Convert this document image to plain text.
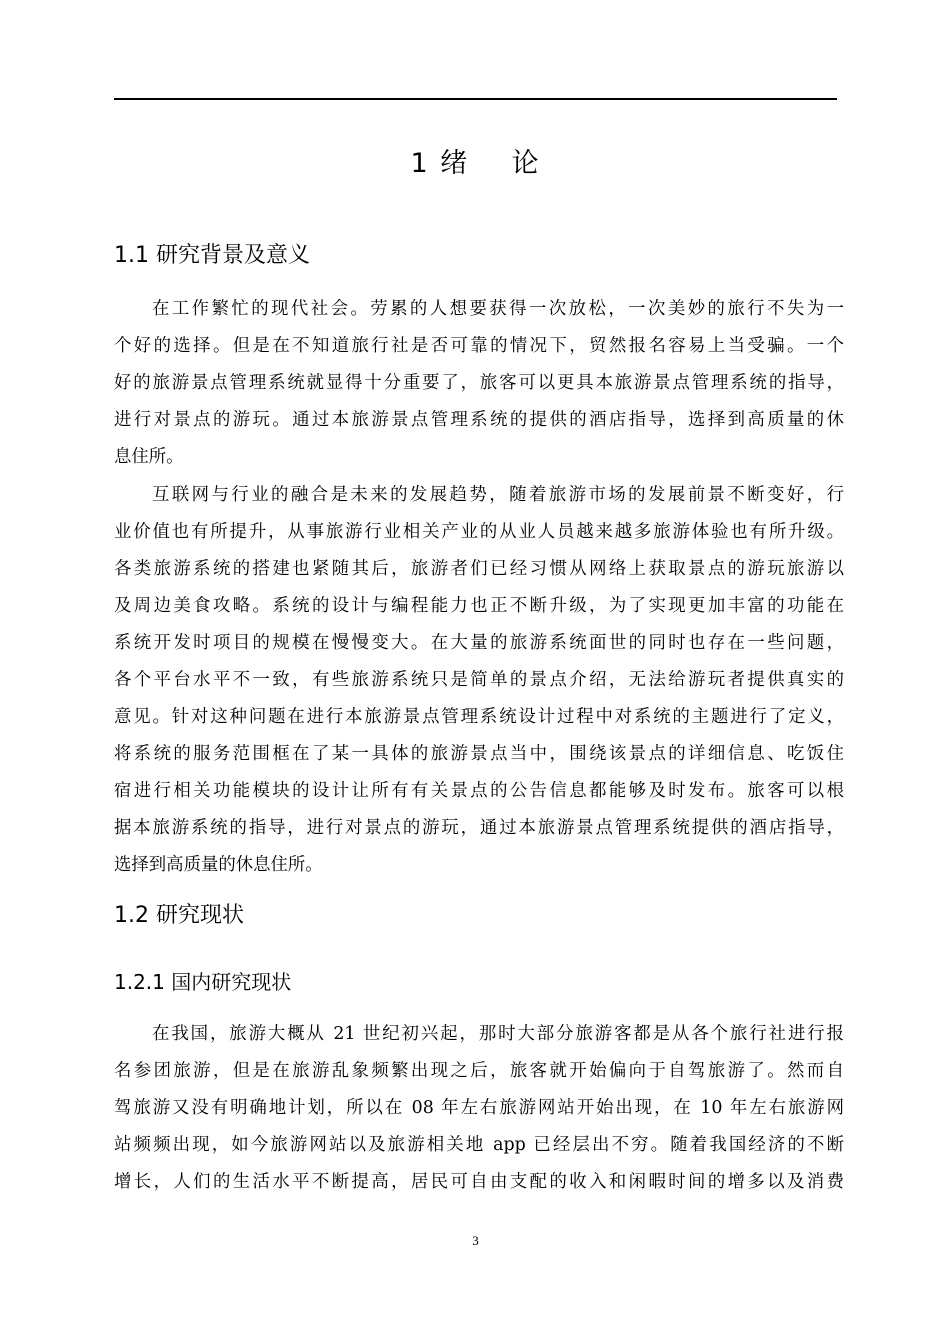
1 绪    论
1.1 研究背景及意义
在工作繁忙的现代社会。劳累的人想要获得一次放松，一次美妙的旅行不失为一
个好的选择。但是在不知道旅行社是否可靠的情况下，贸然报名容易上当受骗。一个
好的旅游景点管理系统就显得十分重要了，旅客可以更具本旅游景点管理系统的指导，
进行对景点的游玩。通过本旅游景点管理系统的提供的酒店指导，选择到高质量的休
息住所。
互联网与行业的融合是未来的发展趋势，随着旅游市场的发展前景不断变好，行
业价值也有所提升，从事旅游行业相关产业的从业人员越来越多旅游体验也有所升级。
各类旅游系统的搭建也紧随其后，旅游者们已经习惯从网络上获取景点的游玩旅游以
及周边美食攻略。系统的设计与编程能力也正不断升级，为了实现更加丰富的功能在
系统开发时项目的规模在慢慢变大。在大量的旅游系统面世的同时也存在一些问题，
各个平台水平不一致，有些旅游系统只是简单的景点介绍，无法给游玩者提供真实的
意见。针对这种问题在进行本旅游景点管理系统设计过程中对系统的主题进行了定义，
将系统的服务范围框在了某一具体的旅游景点当中，围绕该景点的详细信息、吃饭住
宿进行相关功能模块的设计让所有有关景点的公告信息都能够及时发布。旅客可以根
据本旅游系统的指导，进行对景点的游玩，通过本旅游景点管理系统提供的酒店指导，
选择到高质量的休息住所。
1.2 研究现状
1.2.1 国内研究现状
在我国，旅游大概从 21 世纪初兴起，那时大部分旅游客都是从各个旅行社进行报
名参团旅游，但是在旅游乱象频繁出现之后，旅客就开始偏向于自驾旅游了。然而自
驾旅游又没有明确地计划，所以在 08 年左右旅游网站开始出现，在 10 年左右旅游网
站频频出现，如今旅游网站以及旅游相关地 app 已经层出不穷。随着我国经济的不断
增长，人们的生活水平不断提高，居民可自由支配的收入和闲暇时间的增多以及消费
3
